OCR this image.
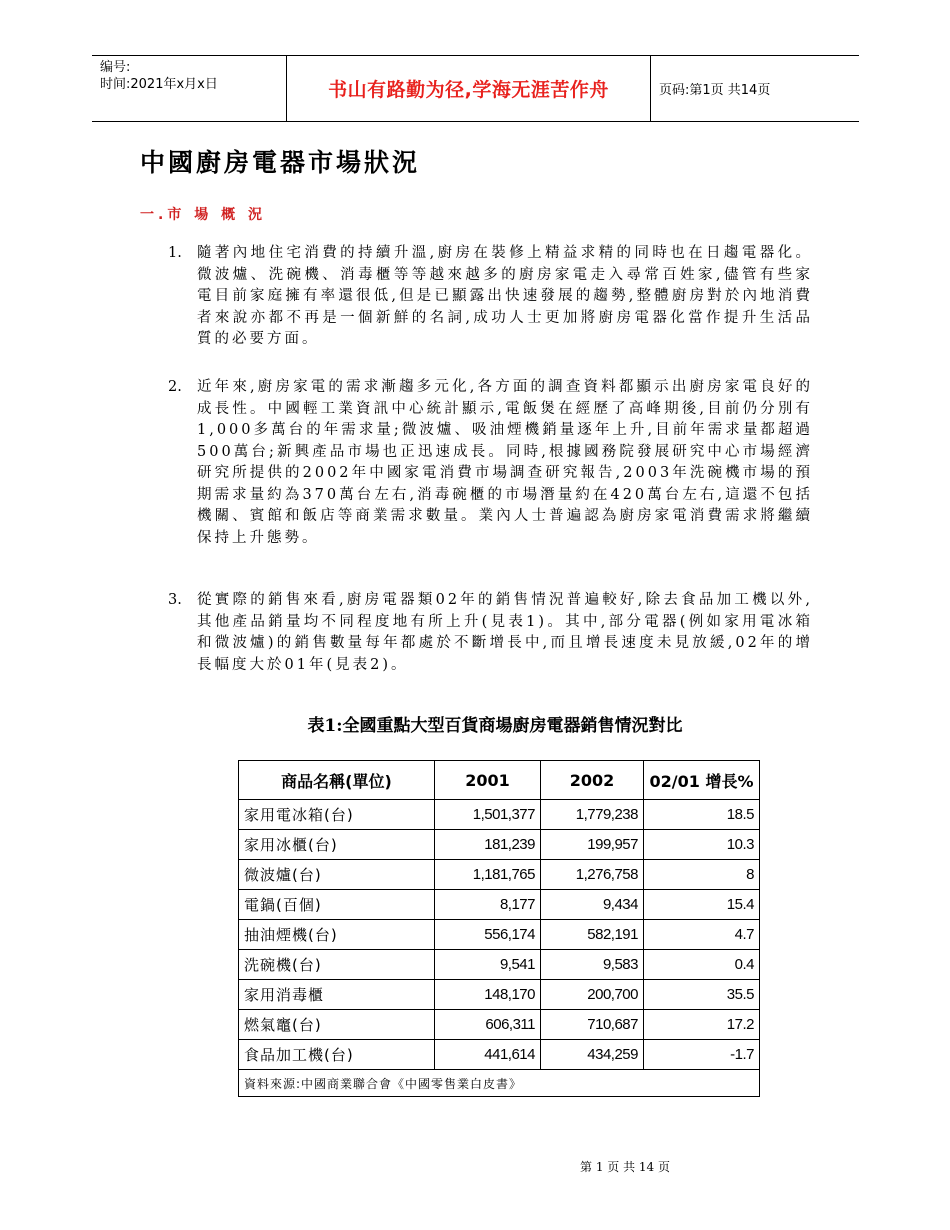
编号:
时间:2021年x月x日	书山有路勤为径,学海无涯苦作舟	页码:第1页 共14页
中國廚房電器市場狀況
一.市 場 概 況
1. 隨著內地住宅消費的持續升溫,廚房在裝修上精益求精的同時也在日趨電器化。微波爐、洗碗機、消毒櫃等等越來越多的廚房家電走入尋常百姓家,儘管有些家電目前家庭擁有率還很低,但是已顯露出快速發展的趨勢,整體廚房對於內地消費者來說亦都不再是一個新鮮的名詞,成功人士更加將廚房電器化當作提升生活品質的必要方面。
2. 近年來,廚房家電的需求漸趨多元化,各方面的調查資料都顯示出廚房家電良好的成長性。中國輕工業資訊中心統計顯示,電飯煲在經歷了高峰期後,目前仍分別有1,000多萬台的年需求量;微波爐、吸油煙機銷量逐年上升,目前年需求量都超過500萬台;新興產品市場也正迅速成長。同時,根據國務院發展研究中心市場經濟研究所提供的2002年中國家電消費市場調查研究報告,2003年洗碗機市場的預期需求量約為370萬台左右,消毒碗櫃的市場潛量約在420萬台左右,這還不包括機關、賓館和飯店等商業需求數量。業內人士普遍認為廚房家電消費需求將繼續保持上升態勢。
3. 從實際的銷售來看,廚房電器類02年的銷售情況普遍較好,除去食品加工機以外,其他產品銷量均不同程度地有所上升(見表1)。其中,部分電器(例如家用電冰箱和微波爐)的銷售數量每年都處於不斷增長中,而且增長速度未見放緩,02年的增長幅度大於01年(見表2)。
表1:全國重點大型百貨商場廚房電器銷售情況對比
商品名稱(單位)	2001	2002	02/01 增長%
家用電冰箱(台)	1,501,377	1,779,238	18.5
家用冰櫃(台)	181,239	199,957	10.3
微波爐(台)	1,181,765	1,276,758	8
電鍋(百個)	8,177	9,434	15.4
抽油煙機(台)	556,174	582,191	4.7
洗碗機(台)	9,541	9,583	0.4
家用消毒櫃	148,170	200,700	35.5
燃氣竈(台)	606,311	710,687	17.2
食品加工機(台)	441,614	434,259	-1.7
資料來源:中國商業聯合會《中國零售業白皮書》			
第 1 页 共 14 页
